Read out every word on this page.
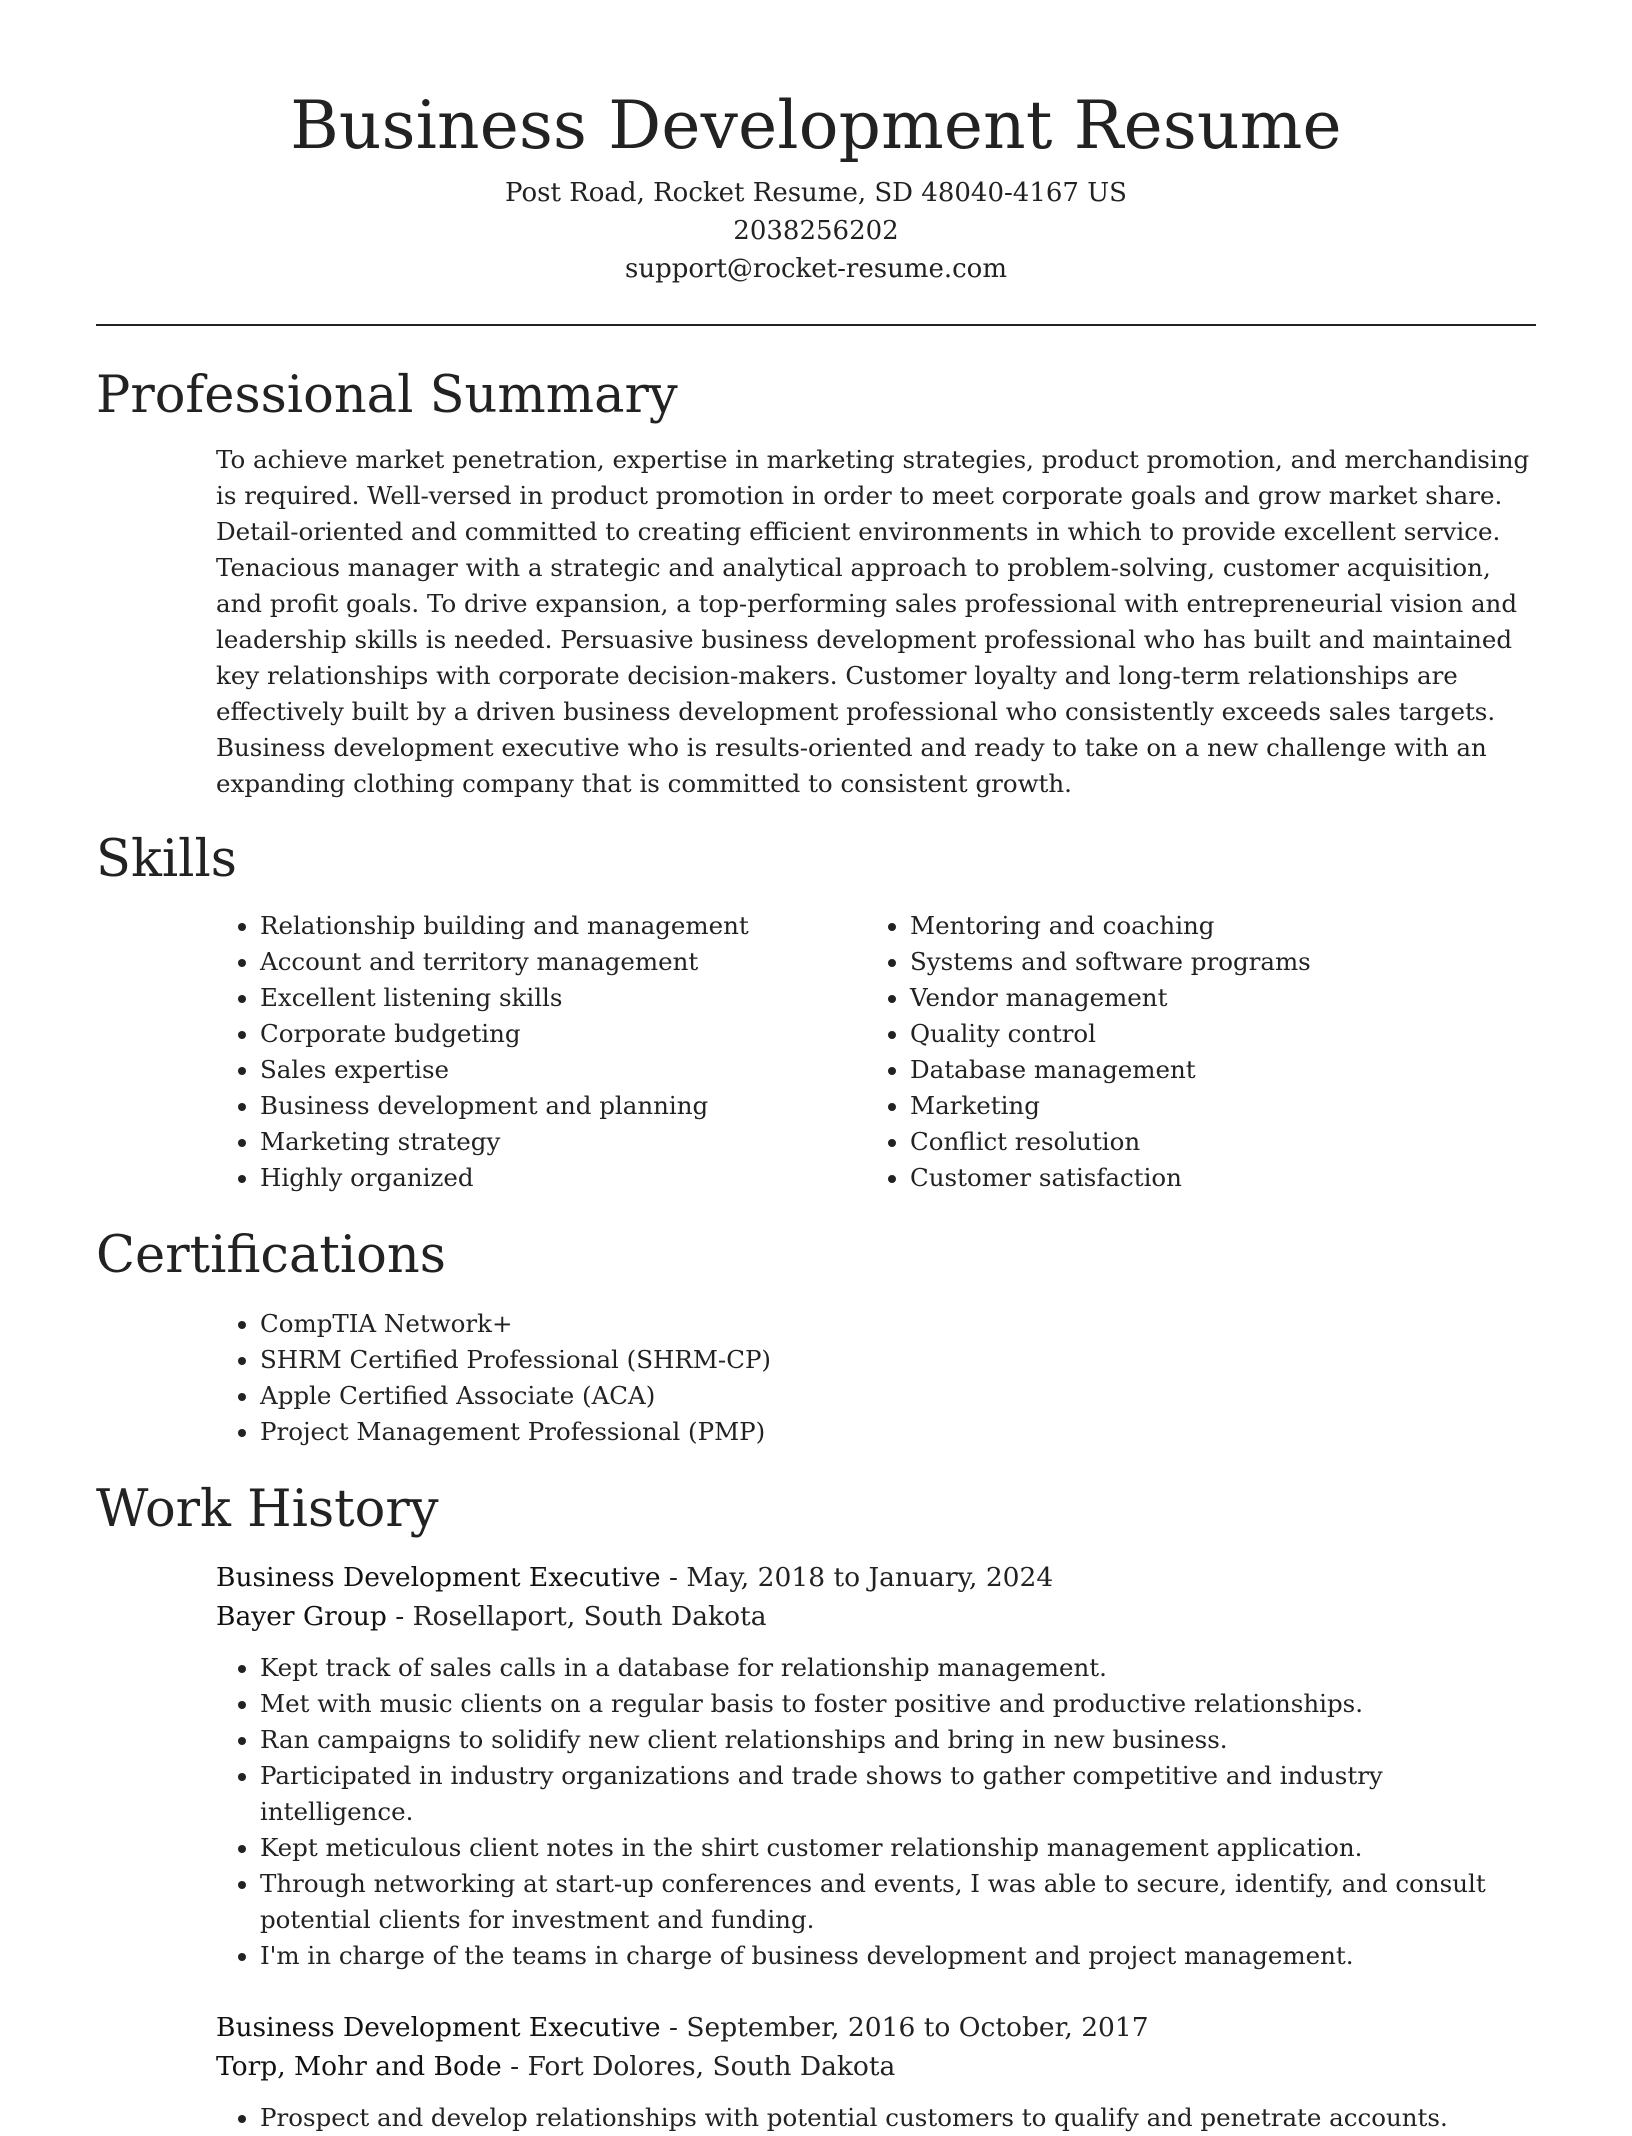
Business Development Resume
Post Road, Rocket Resume, SD 48040-4167 US
2038256202
support@rocket-resume.com
Professional Summary

To achieve market penetration, expertise in marketing strategies, product promotion, and merchandising is required. Well-versed in product promotion in order to meet corporate goals and grow market share. Detail-oriented and committed to creating efficient environments in which to provide excellent service. Tenacious manager with a strategic and analytical approach to problem-solving, customer acquisition, and profit goals. To drive expansion, a top-performing sales professional with entrepreneurial vision and leadership skills is needed. Persuasive business development professional who has built and maintained key relationships with corporate decision-makers. Customer loyalty and long-term relationships are effectively built by a driven business development professional who consistently exceeds sales targets. Business development executive who is results-oriented and ready to take on a new challenge with an expanding clothing company that is committed to consistent growth.

Skills
• Relationship building and management
• Account and territory management
• Excellent listening skills
• Corporate budgeting
• Sales expertise
• Business development and planning
• Marketing strategy
• Highly organized
• Mentoring and coaching
• Systems and software programs
• Vendor management
• Quality control
• Database management
• Marketing
• Conflict resolution
• Customer satisfaction
Certifications
• CompTIA Network+
• SHRM Certified Professional (SHRM-CP)
• Apple Certified Associate (ACA)
• Project Management Professional (PMP)
Work History
Business Development Executive - May, 2018 to January, 2024
Bayer Group - Rosellaport, South Dakota
• Kept track of sales calls in a database for relationship management.
• Met with music clients on a regular basis to foster positive and productive relationships.
• Ran campaigns to solidify new client relationships and bring in new business.
• Participated in industry organizations and trade shows to gather competitive and industry intelligence.
• Kept meticulous client notes in the shirt customer relationship management application.
• Through networking at start-up conferences and events, I was able to secure, identify, and consult potential clients for investment and funding.
• I'm in charge of the teams in charge of business development and project management.
Business Development Executive - September, 2016 to October, 2017
Torp, Mohr and Bode - Fort Dolores, South Dakota
• Prospect and develop relationships with potential customers to qualify and penetrate accounts.
